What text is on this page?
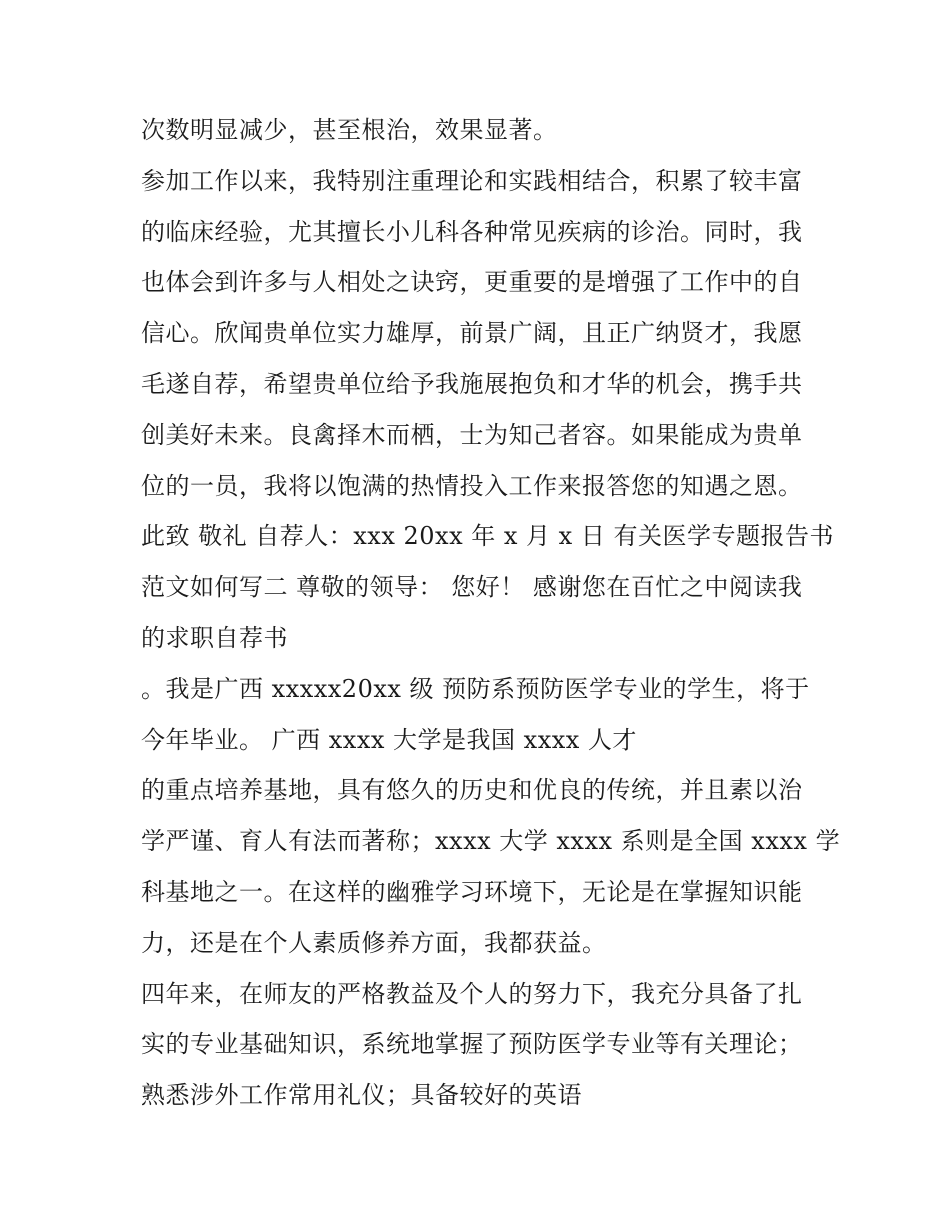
次数明显减少，甚至根治，效果显著。
参加工作以来，我特别注重理论和实践相结合，积累了较丰富
的临床经验，尤其擅长小儿科各种常见疾病的诊治。同时，我
也体会到许多与人相处之诀窍，更重要的是增强了工作中的自
信心。欣闻贵单位实力雄厚，前景广阔，且正广纳贤才，我愿
毛遂自荐，希望贵单位给予我施展抱负和才华的机会，携手共
创美好未来。良禽择木而栖，士为知己者容。如果能成为贵单
位的一员，我将以饱满的热情投入工作来报答您的知遇之恩。
此致 敬礼 自荐人：xxx 20xx 年 x 月 x 日 有关医学专题报告书
范文如何写二 尊敬的领导： 您好！ 感谢您在百忙之中阅读我
的求职自荐书
。我是广西 xxxxx20xx 级 预防系预防医学专业的学生，将于
今年毕业。 广西 xxxx 大学是我国 xxxx 人才
的重点培养基地，具有悠久的历史和优良的传统，并且素以治
学严谨、育人有法而著称；xxxx 大学 xxxx 系则是全国 xxxx 学
科基地之一。在这样的幽雅学习环境下，无论是在掌握知识能
力，还是在个人素质修养方面，我都获益。
四年来，在师友的严格教益及个人的努力下，我充分具备了扎
实的专业基础知识，系统地掌握了预防医学专业等有关理论；
熟悉涉外工作常用礼仪；具备较好的英语
